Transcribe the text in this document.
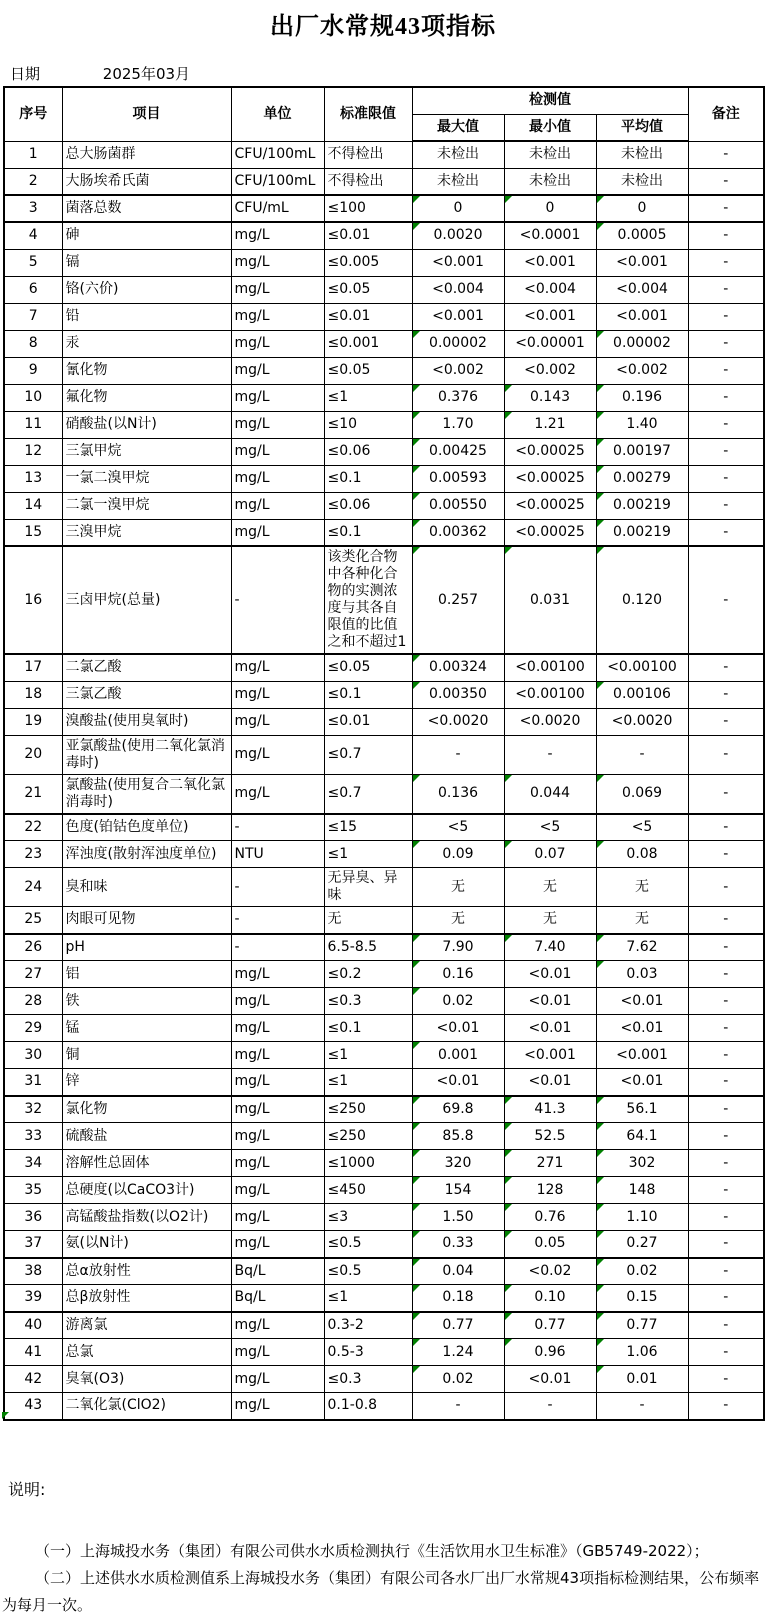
出厂水常规43项指标
日期	2025年03月
序号	项目	单位	标准限值	检测值			备注
				最大值	最小值	平均值	
1	总大肠菌群	CFU/100mL	不得检出	未检出	未检出	未检出	-
2	大肠埃希氏菌	CFU/100mL	不得检出	未检出	未检出	未检出	-
3	菌落总数	CFU/mL	≤100	0	0	0	-
4	砷	mg/L	≤0.01	0.0020	<0.0001	0.0005	-
5	镉	mg/L	≤0.005	<0.001	<0.001	<0.001	-
6	铬(六价)	mg/L	≤0.05	<0.004	<0.004	<0.004	-
7	铅	mg/L	≤0.01	<0.001	<0.001	<0.001	-
8	汞	mg/L	≤0.001	0.00002	<0.00001	0.00002	-
9	氰化物	mg/L	≤0.05	<0.002	<0.002	<0.002	-
10	氟化物	mg/L	≤1	0.376	0.143	0.196	-
11	硝酸盐(以N计)	mg/L	≤10	1.70	1.21	1.40	-
12	三氯甲烷	mg/L	≤0.06	0.00425	<0.00025	0.00197	-
13	一氯二溴甲烷	mg/L	≤0.1	0.00593	<0.00025	0.00279	-
14	二氯一溴甲烷	mg/L	≤0.06	0.00550	<0.00025	0.00219	-
15	三溴甲烷	mg/L	≤0.1	0.00362	<0.00025	0.00219	-
16	三卤甲烷(总量)	-	该类化合物中各种化合物的实测浓度与其各自限值的比值之和不超过1	0.257	0.031	0.120	-
17	二氯乙酸	mg/L	≤0.05	0.00324	<0.00100	<0.00100	-
18	三氯乙酸	mg/L	≤0.1	0.00350	<0.00100	0.00106	-
19	溴酸盐(使用臭氧时)	mg/L	≤0.01	<0.0020	<0.0020	<0.0020	-
20	亚氯酸盐(使用二氧化氯消毒时)	mg/L	≤0.7	-	-	-	-
21	氯酸盐(使用复合二氧化氯消毒时)	mg/L	≤0.7	0.136	0.044	0.069	-
22	色度(铂钴色度单位)	-	≤15	<5	<5	<5	-
23	浑浊度(散射浑浊度单位)	NTU	≤1	0.09	0.07	0.08	-
24	臭和味	-	无异臭、异味	无	无	无	-
25	肉眼可见物	-	无	无	无	无	-
26	pH	-	6.5-8.5	7.90	7.40	7.62	-
27	铝	mg/L	≤0.2	0.16	<0.01	0.03	-
28	铁	mg/L	≤0.3	0.02	<0.01	<0.01	-
29	锰	mg/L	≤0.1	<0.01	<0.01	<0.01	-
30	铜	mg/L	≤1	0.001	<0.001	<0.001	-
31	锌	mg/L	≤1	<0.01	<0.01	<0.01	-
32	氯化物	mg/L	≤250	69.8	41.3	56.1	-
33	硫酸盐	mg/L	≤250	85.8	52.5	64.1	-
34	溶解性总固体	mg/L	≤1000	320	271	302	-
35	总硬度(以CaCO3计)	mg/L	≤450	154	128	148	-
36	高锰酸盐指数(以O2计)	mg/L	≤3	1.50	0.76	1.10	-
37	氨(以N计)	mg/L	≤0.5	0.33	0.05	0.27	-
38	总α放射性	Bq/L	≤0.5	0.04	<0.02	0.02	-
39	总β放射性	Bq/L	≤1	0.18	0.10	0.15	-
40	游离氯	mg/L	0.3-2	0.77	0.77	0.77	-
41	总氯	mg/L	0.5-3	1.24	0.96	1.06	-
42	臭氧(O3)	mg/L	≤0.3	0.02	<0.01	0.01	-
43	二氧化氯(ClO2)	mg/L	0.1-0.8	-	-	-	-
说明:

（一）上海城投水务（集团）有限公司供水水质检测执行《生活饮用水卫生标准》（GB5749-2022）；

（二）上述供水水质检测值系上海城投水务（集团）有限公司各水厂出厂水常规43项指标检测结果，公布频率为每月一次。
